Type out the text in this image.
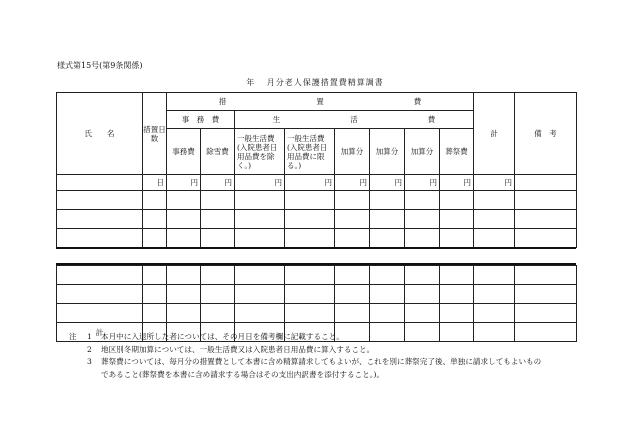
様式第15号(第9条関係)
年 月分老人保護措置費精算調書
氏　　名	措置日数	措 置 費								計	備　考
		事　務　費		生 活 費							
		事務費	除雪費	一般生活費(入院患者日用品費を除く。)	一般生活費(入院患者日用品費に限る。)	加算分	加算分	加算分	葬祭費		
	日	円	円	円	円	円	円	円	円	円	

計											
注	1	本月中に入退所した者については、その月日を備考欄に記載すること。
2	地区別冬期加算については、一般生活費又は入院患者日用品費に算入すること。
3	葬祭費については、毎月分の措置費として本書に含め精算請求してもよいが、これを別に葬祭完了後、単独に請求してもよいもの
であること(葬祭費を本書に含め請求する場合はその支出内訳書を添付すること。)。
